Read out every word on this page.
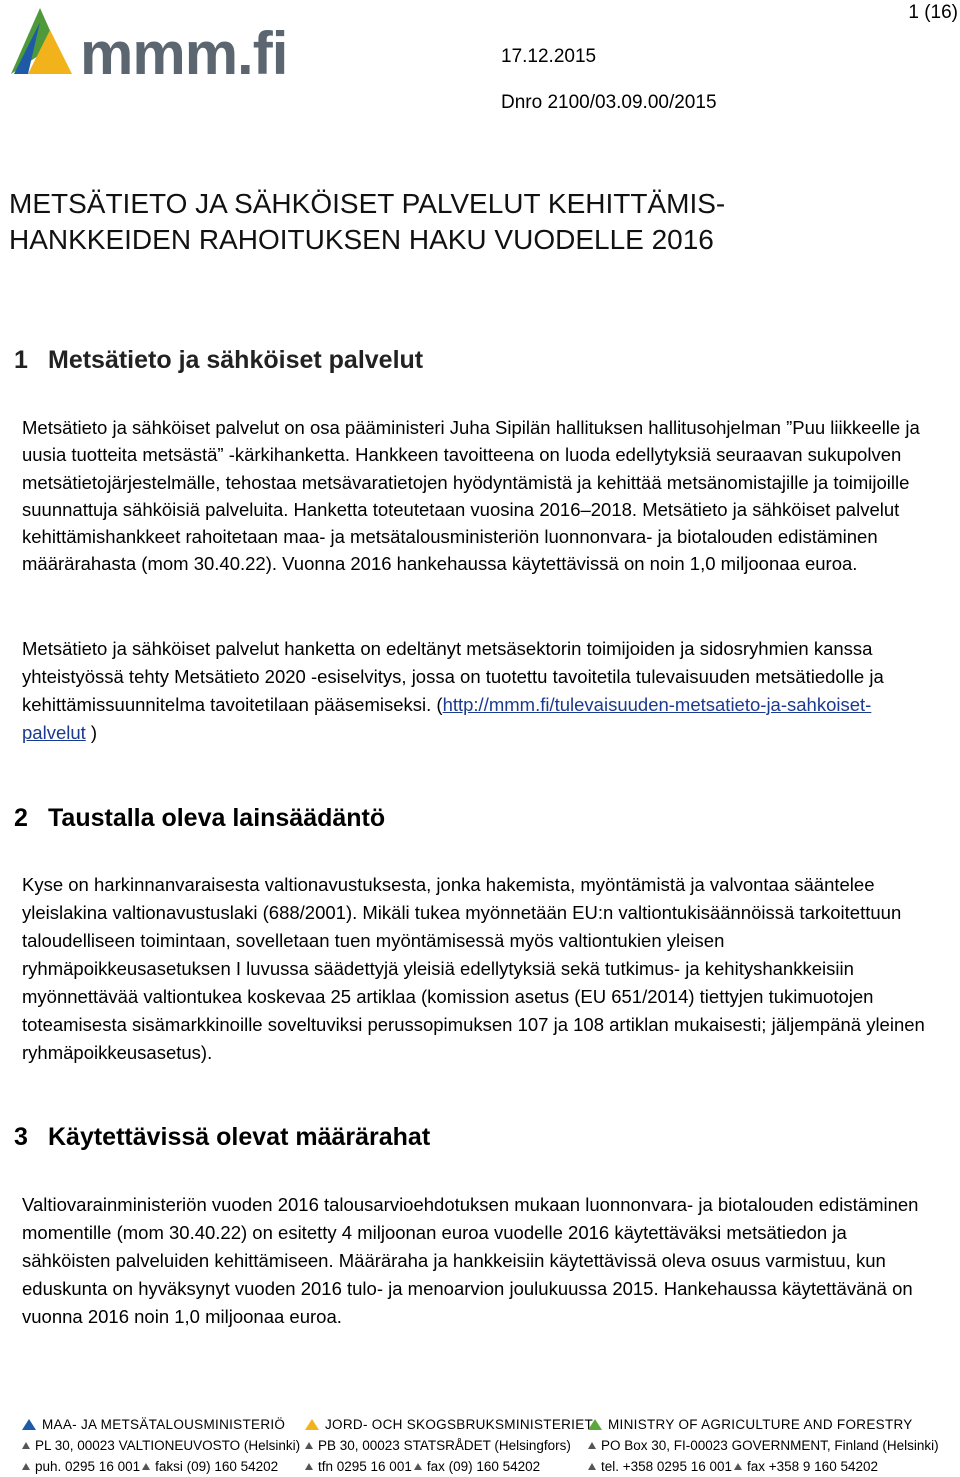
mmm.fi
1 (16)
17.12.2015
Dnro 2100/03.09.00/2015
METSÄTIETO JA SÄHKÖISET PALVELUT KEHITTÄMIS-
HANKKEIDEN RAHOITUKSEN HAKU VUODELLE 2016
1 Metsätieto ja sähköiset palvelut

Metsätieto ja sähköiset palvelut on osa pääministeri Juha Sipilän hallituksen hallitusohjelman ”Puu liikkeelle ja uusia tuotteita metsästä” -kärkihanketta. Hankkeen tavoitteena on luoda edellytyksiä seuraavan sukupolven metsätietojärjestelmälle, tehostaa metsävaratietojen hyödyntämistä ja kehittää metsänomistajille ja toimijoille suunnattuja sähköisiä palveluita. Hanketta toteutetaan vuosina 2016–2018. Metsätieto ja sähköiset palvelut kehittämishankkeet rahoitetaan maa- ja metsätalousministeriön luonnonvara- ja biotalouden edistäminen määrärahasta (mom 30.40.22). Vuonna 2016 hankehaussa käytettävissä on noin 1,0 miljoonaa euroa.

Metsätieto ja sähköiset palvelut hanketta on edeltänyt metsäsektorin toimijoiden ja sidosryhmien kanssa yhteistyössä tehty Metsätieto 2020 -esiselvitys, jossa on tuotettu tavoitetila tulevaisuuden metsätiedolle ja kehittämissuunnitelma tavoitetilaan pääsemiseksi. (http://mmm.fi/tulevaisuuden-metsatieto-ja-sahkoiset-palvelut )

2 Taustalla oleva lainsäädäntö

Kyse on harkinnanvaraisesta valtionavustuksesta, jonka hakemista, myöntämistä ja valvontaa sääntelee yleislakina valtionavustuslaki (688/2001). Mikäli tukea myönnetään EU:n valtiontukisäännöissä tarkoitettuun taloudelliseen toimintaan, sovelletaan tuen myöntämisessä myös valtiontukien yleisen ryhmäpoikkeusasetuksen I luvussa säädettyjä yleisiä edellytyksiä sekä tutkimus- ja kehityshankkeisiin myönnettävää valtiontukea koskevaa 25 artiklaa (komission asetus (EU 651/2014) tiettyjen tukimuotojen toteamisesta sisämarkkinoille soveltuviksi perussopimuksen 107 ja 108 artiklan mukaisesti; jäljempänä yleinen ryhmäpoikkeusasetus).

3 Käytettävissä olevat määrärahat

Valtiovarainministeriön vuoden 2016 talousarvioehdotuksen mukaan luonnonvara- ja biotalouden edistäminen momentille (mom 30.40.22) on esitetty 4 miljoonan euroa vuodelle 2016 käytettäväksi metsätiedon ja sähköisten palveluiden kehittämiseen. Määräraha ja hankkeisiin käytettävissä oleva osuus varmistuu, kun eduskunta on hyväksynyt vuoden 2016 tulo- ja menoarvion joulukuussa 2015. Hankehaussa käytettävänä on vuonna 2016 noin 1,0 miljoonaa euroa.

MAA- JA METSÄTALOUSMINISTERIÖ
PL 30, 00023 VALTIONEUVOSTO (Helsinki)
puh. 0295 16 001 faksi (09) 160 54202
JORD- OCH SKOGSBRUKSMINISTERIET
PB 30, 00023 STATSRÅDET (Helsingfors)
tfn 0295 16 001 fax (09) 160 54202
MINISTRY OF AGRICULTURE AND FORESTRY
PO Box 30, FI-00023 GOVERNMENT, Finland (Helsinki)
tel. +358 0295 16 001 fax +358 9 160 54202
